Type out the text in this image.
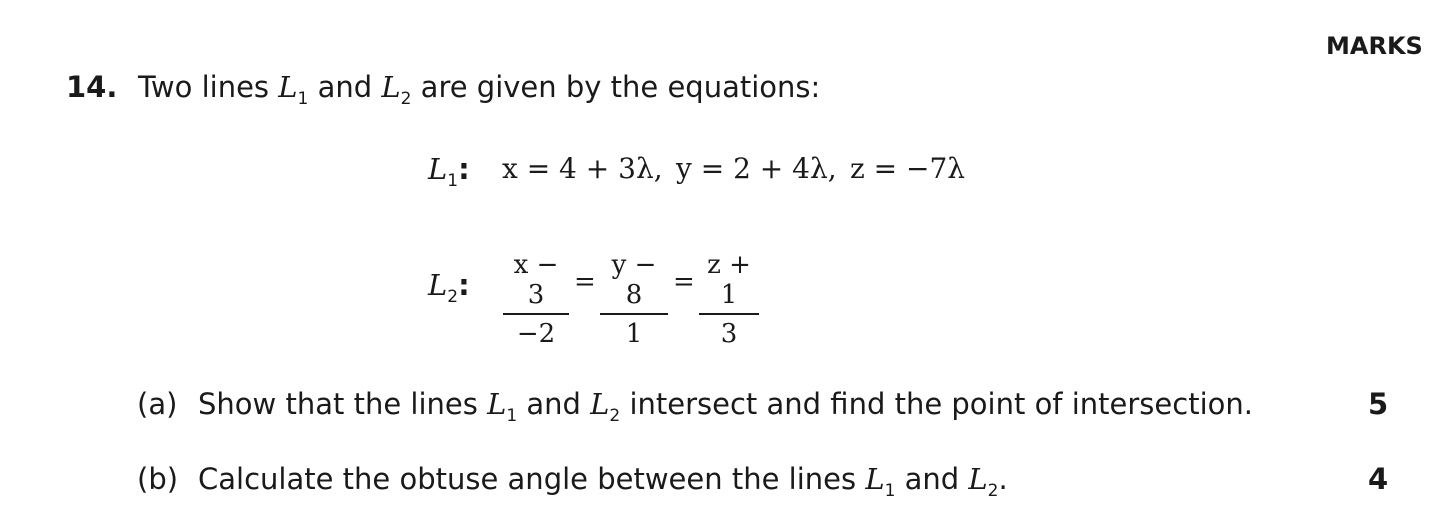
MARKS
14. Two lines $L_1$ and $L_2$ are given by the equations:
$L_1$: x = 4 + 3λ, y = 2 + 4λ, z = −7λ
$L_2$:
x − 3
−2
=
y − 8
1
=
z + 1
3
(a) Show that the lines $L_1$ and $L_2$ intersect and find the point of intersection.	5
(b) Calculate the obtuse angle between the lines $L_1$ and $L_2$.	4
